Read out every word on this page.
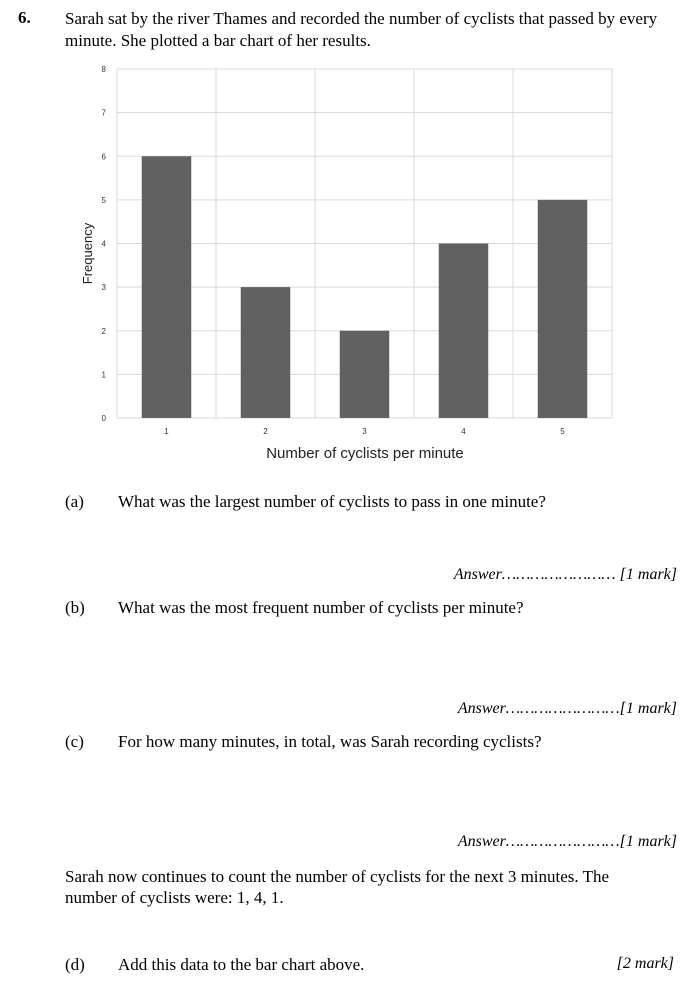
6. Sarah sat by the river Thames and recorded the number of cyclists that passed by every minute. She plotted a bar chart of her results.
0
1
2
3
4
5
6
7
8
1	2	3	4	5
Frequency
Number of cyclists per minute
(a) What was the largest number of cyclists to pass in one minute?
Answer…………………… [1 mark]
(b) What was the most frequent number of cyclists per minute?
Answer……………………[1 mark]
(c) For how many minutes, in total, was Sarah recording cyclists?
Answer……………………[1 mark]
Sarah now continues to count the number of cyclists for the next 3 minutes. The number of cyclists were: 1, 4, 1.
(d) Add this data to the bar chart above.	[2 mark]
